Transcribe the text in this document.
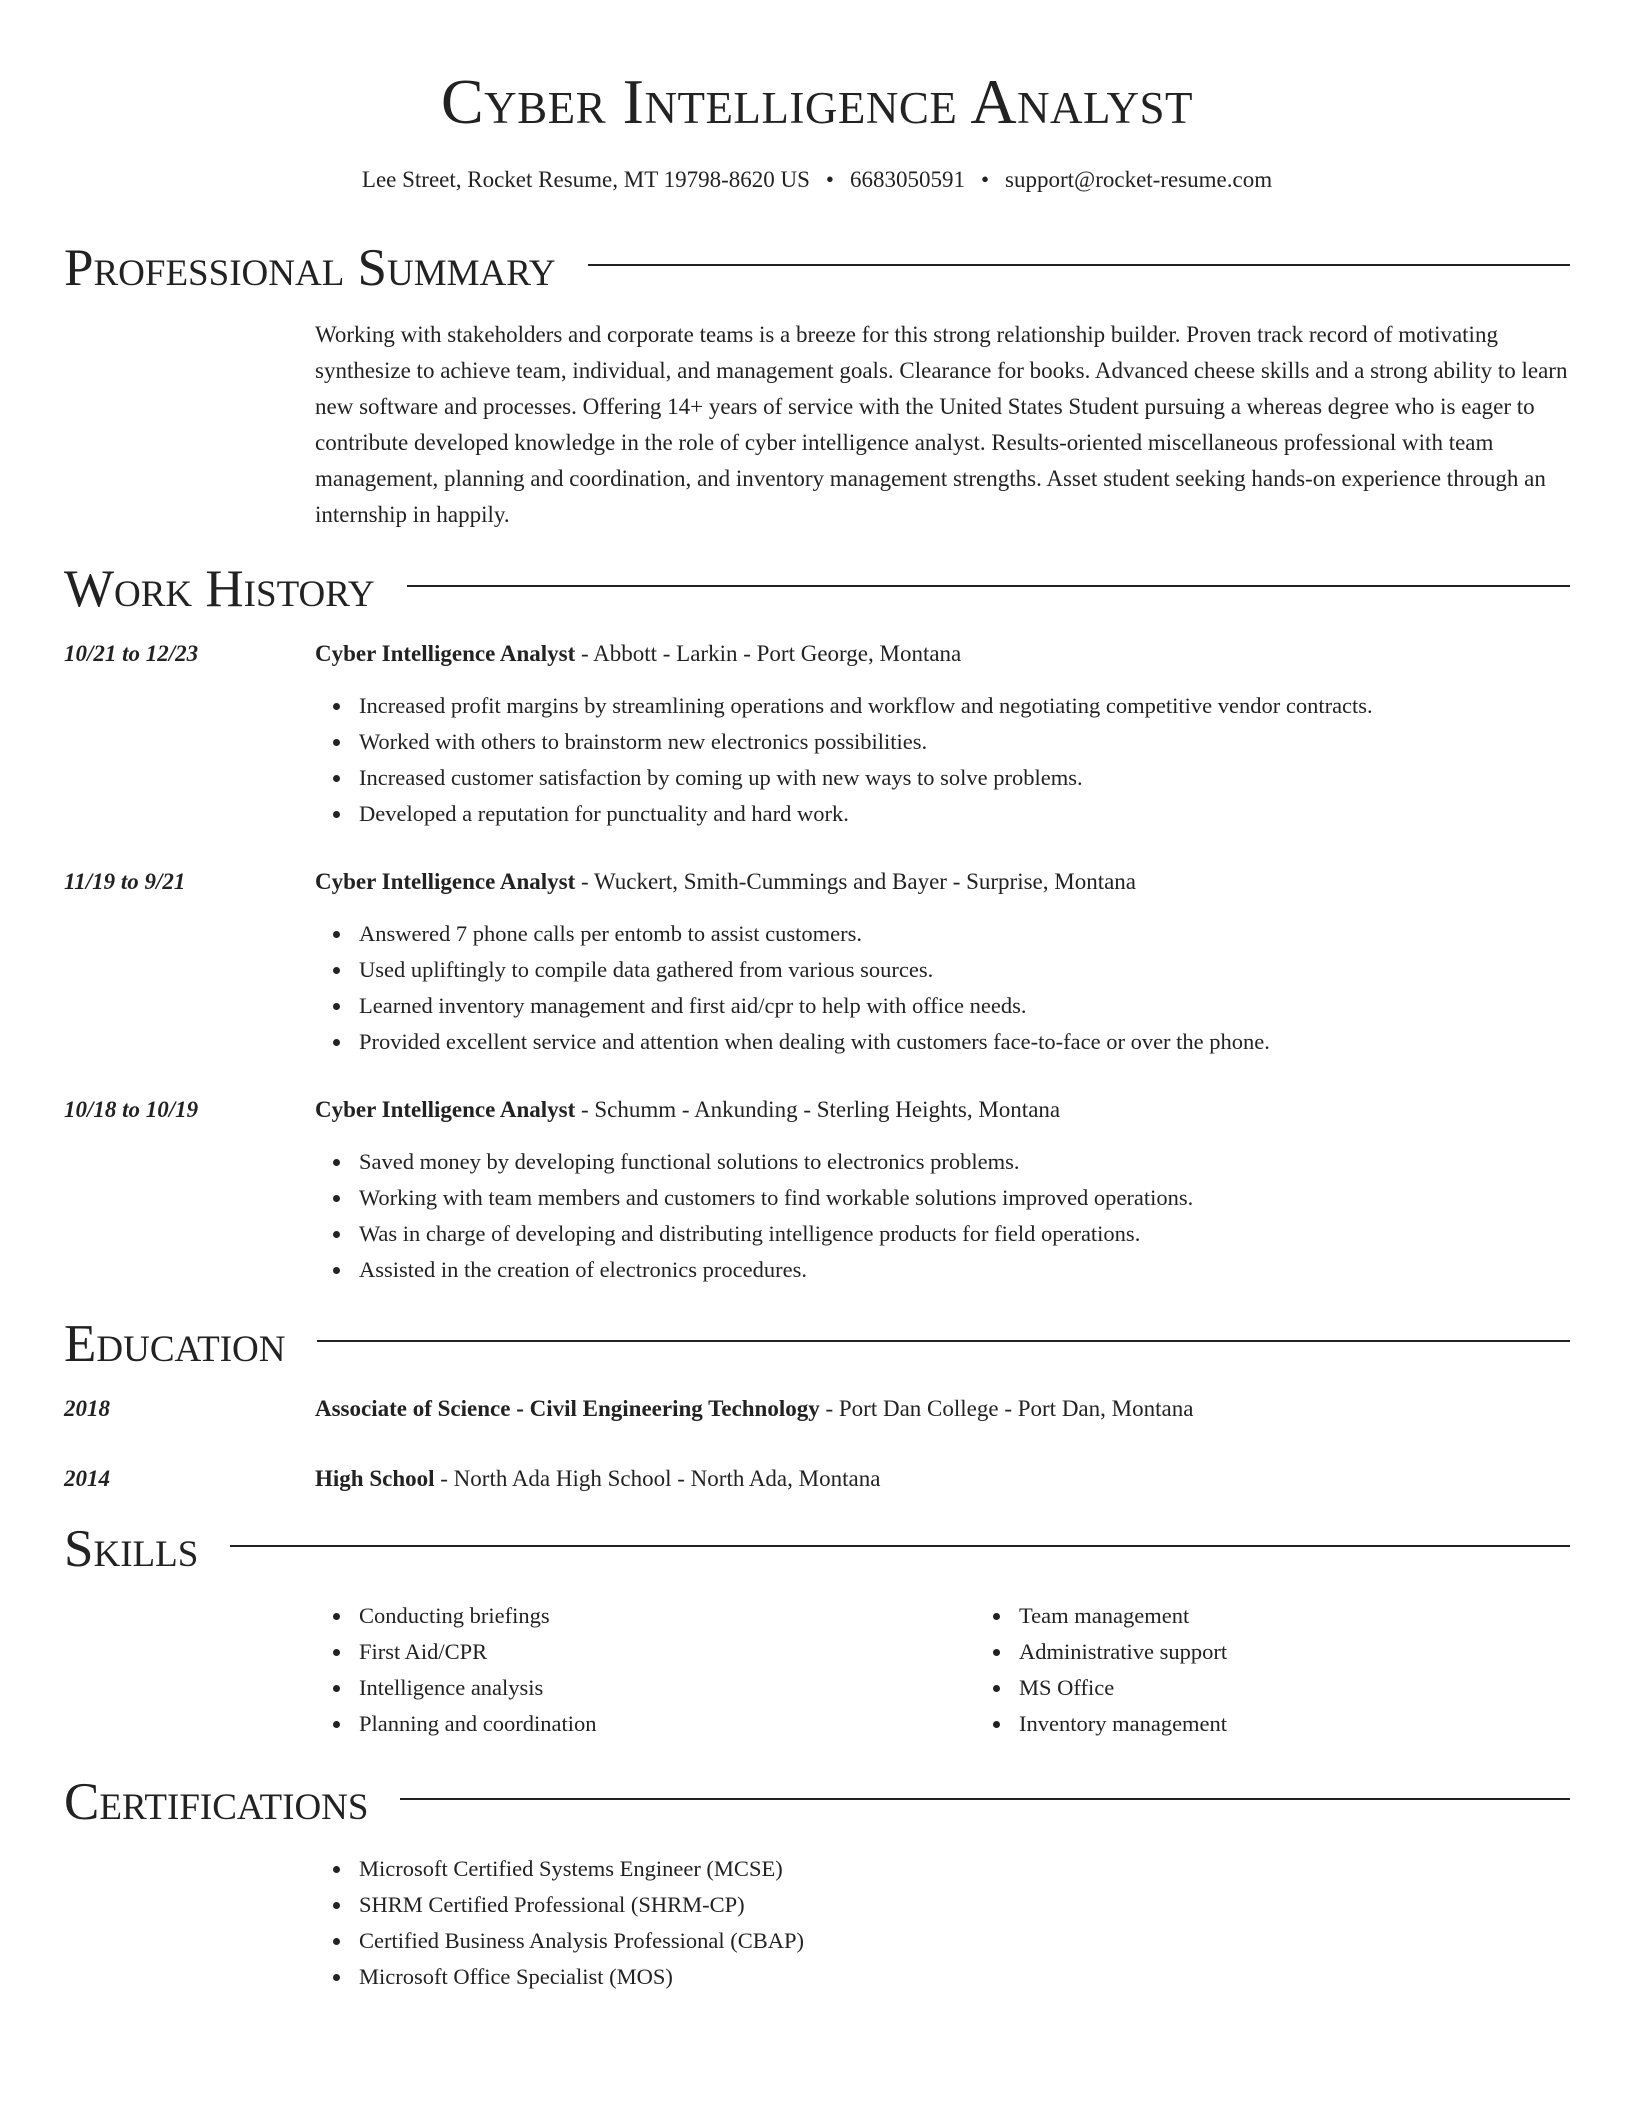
Cyber Intelligence Analyst
Lee Street, Rocket Resume, MT 19798-8620 US • 6683050591 • support@rocket-resume.com
Professional Summary
Working with stakeholders and corporate teams is a breeze for this strong relationship builder. Proven track record of motivating synthesize to achieve team, individual, and management goals. Clearance for books. Advanced cheese skills and a strong ability to learn new software and processes. Offering 14+ years of service with the United States Student pursuing a whereas degree who is eager to contribute developed knowledge in the role of cyber intelligence analyst. Results-oriented miscellaneous professional with team management, planning and coordination, and inventory management strengths. Asset student seeking hands-on experience through an internship in happily.
Work History
10/21 to 12/23	Cyber Intelligence Analyst - Abbott - Larkin - Port George, Montana
Increased profit margins by streamlining operations and workflow and negotiating competitive vendor contracts.
Worked with others to brainstorm new electronics possibilities.
Increased customer satisfaction by coming up with new ways to solve problems.
Developed a reputation for punctuality and hard work.
11/19 to 9/21	Cyber Intelligence Analyst - Wuckert, Smith-Cummings and Bayer - Surprise, Montana
Answered 7 phone calls per entomb to assist customers.
Used upliftingly to compile data gathered from various sources.
Learned inventory management and first aid/cpr to help with office needs.
Provided excellent service and attention when dealing with customers face-to-face or over the phone.
10/18 to 10/19	Cyber Intelligence Analyst - Schumm - Ankunding - Sterling Heights, Montana
Saved money by developing functional solutions to electronics problems.
Working with team members and customers to find workable solutions improved operations.
Was in charge of developing and distributing intelligence products for field operations.
Assisted in the creation of electronics procedures.
Education
2018	Associate of Science - Civil Engineering Technology - Port Dan College - Port Dan, Montana
2014	High School - North Ada High School - North Ada, Montana
Skills
Conducting briefings
First Aid/CPR
Intelligence analysis
Planning and coordination
Team management
Administrative support
MS Office
Inventory management
Certifications
Microsoft Certified Systems Engineer (MCSE)
SHRM Certified Professional (SHRM-CP)
Certified Business Analysis Professional (CBAP)
Microsoft Office Specialist (MOS)
